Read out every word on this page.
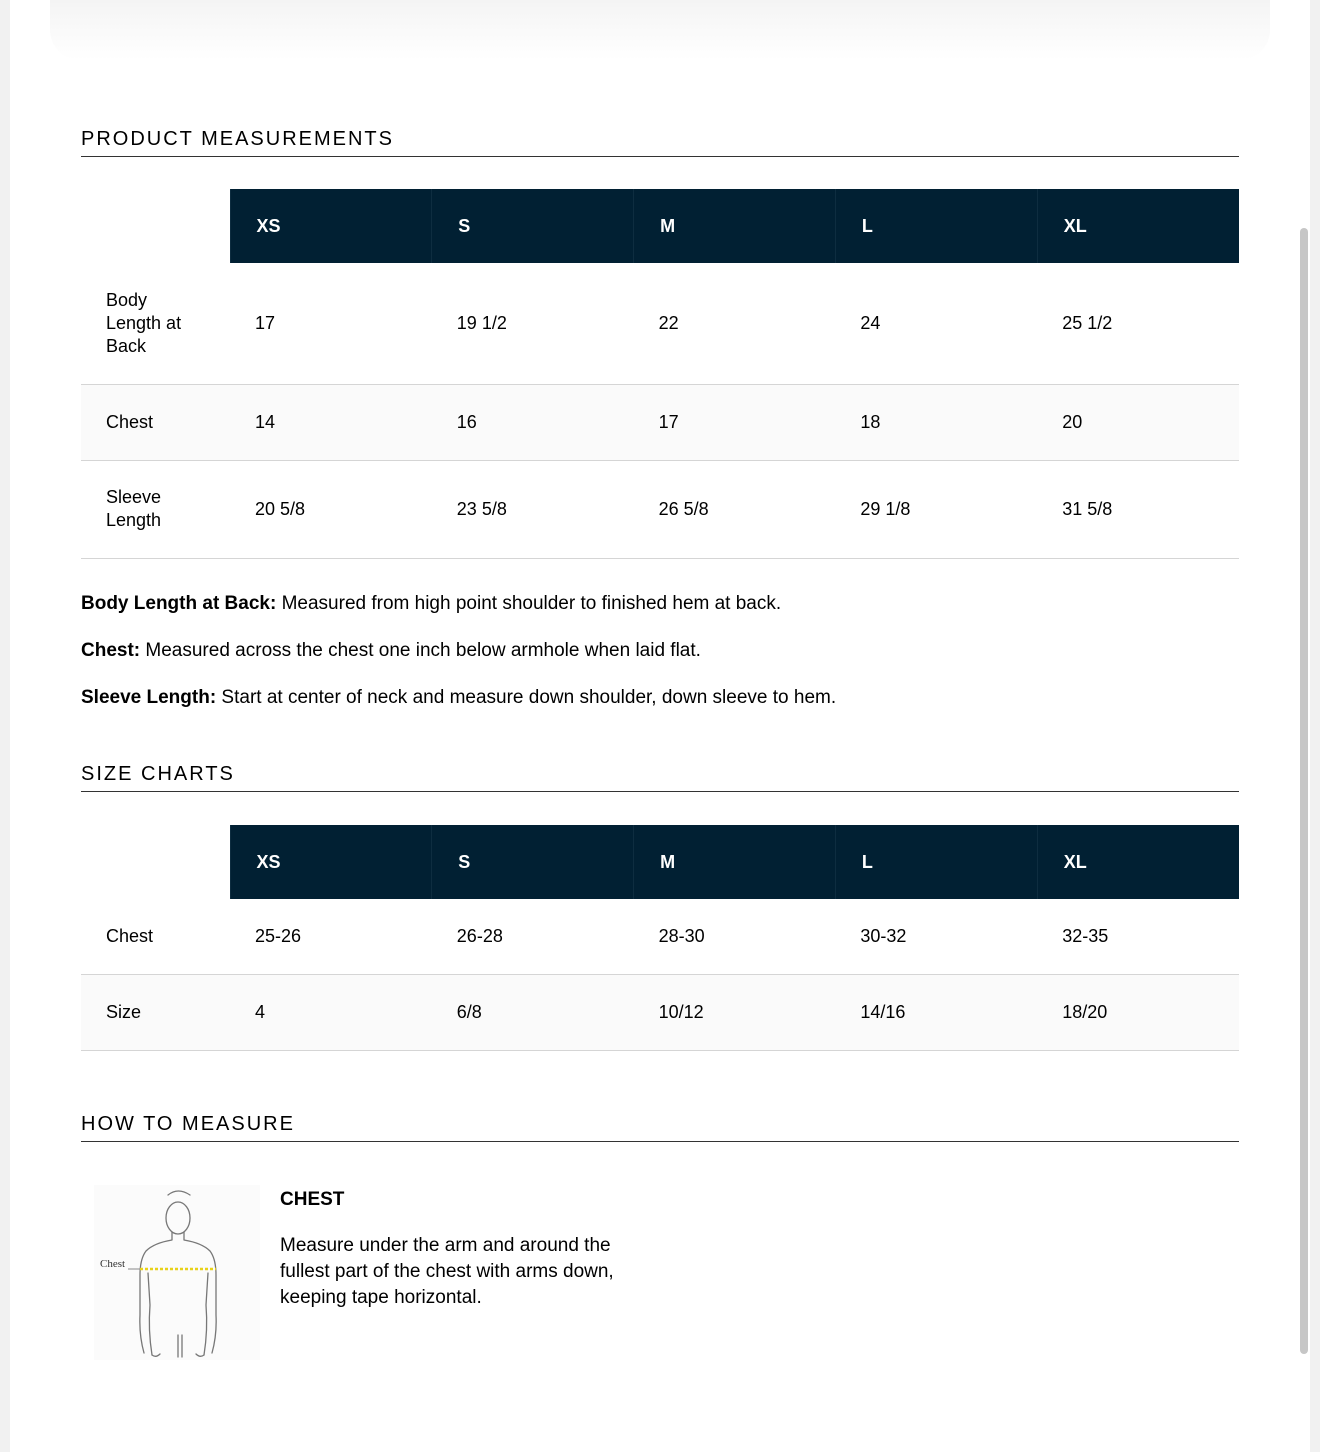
PRODUCT MEASUREMENTS
	XS	S	M	L	XL
Body Length at Back	17	19 1/2	22	24	25 1/2
Chest	14	16	17	18	20
Sleeve Length	20 5/8	23 5/8	26 5/8	29 1/8	31 5/8

Body Length at Back: Measured from high point shoulder to finished hem at back.

Chest: Measured across the chest one inch below armhole when laid flat.

Sleeve Length: Start at center of neck and measure down shoulder, down sleeve to hem.

SIZE CHARTS
	XS	S	M	L	XL
Chest	25-26	26-28	28-30	30-32	32-35
Size	4	6/8	10/12	14/16	18/20
HOW TO MEASURE
Chest
CHEST
Measure under the arm and around the fullest part of the chest with arms down, keeping tape horizontal.
